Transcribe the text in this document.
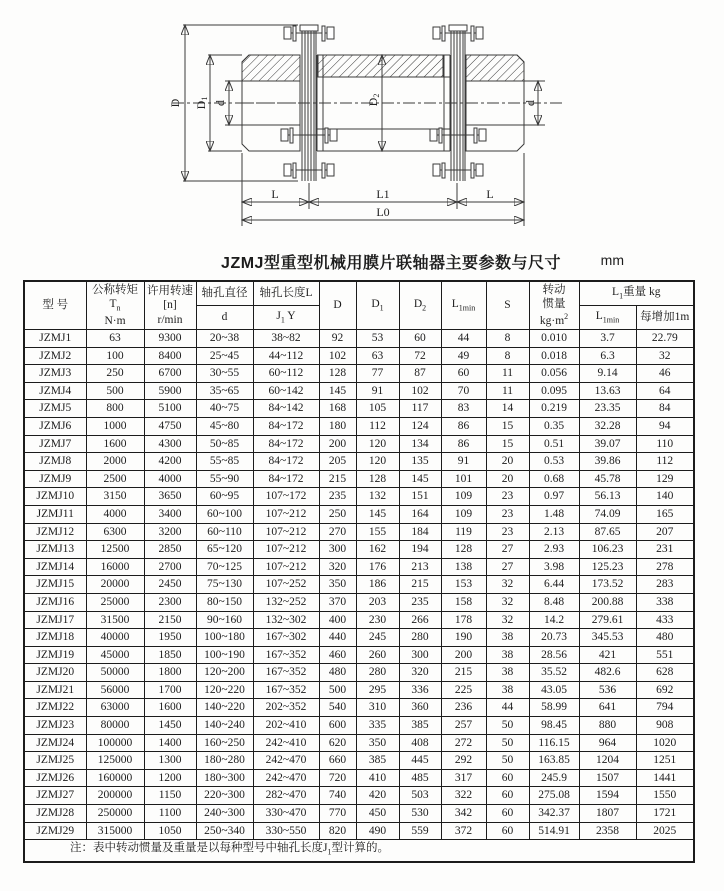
D D1
d	D2
d
L	L1	L
L0
JZMJ型重型机械用膜片联轴器主要参数与尺寸	mm
型 号	
公称转矩
$T_n$
N·m

许用转速
[n]
r/min
	轴孔直径	轴孔长度L	D	$D_1$	$D_2$	$L_{1min}$	S	
转动
惯量
$kg\cdot m^2$
	$L_1$重量 kg
			d	$J_1$ Y							$L_{1min}$	每增加1m
JZMJ1	63	9300	20~38	38~82	92	53	60	44	8	0.010	3.7	22.79
JZMJ2	100	8400	25~45	44~112	102	63	72	49	8	0.018	6.3	32
JZMJ3	250	6700	30~55	60~112	128	77	87	60	11	0.056	9.14	46
JZMJ4	500	5900	35~65	60~142	145	91	102	70	11	0.095	13.63	64
JZMJ5	800	5100	40~75	84~142	168	105	117	83	14	0.219	23.35	84
JZMJ6	1000	4750	45~80	84~172	180	112	124	86	15	0.35	32.28	94
JZMJ7	1600	4300	50~85	84~172	200	120	134	86	15	0.51	39.07	110
JZMJ8	2000	4200	55~85	84~172	205	120	135	91	20	0.53	39.86	112
JZMJ9	2500	4000	55~90	84~172	215	128	145	101	20	0.68	45.78	129
JZMJ10	3150	3650	60~95	107~172	235	132	151	109	23	0.97	56.13	140
JZMJ11	4000	3400	60~100	107~212	250	145	164	109	23	1.48	74.09	165
JZMJ12	6300	3200	60~110	107~212	270	155	184	119	23	2.13	87.65	207
JZMJ13	12500	2850	65~120	107~212	300	162	194	128	27	2.93	106.23	231
JZMJ14	16000	2700	70~125	107~212	320	176	213	138	27	3.98	125.23	278
JZMJ15	20000	2450	75~130	107~252	350	186	215	153	32	6.44	173.52	283
JZMJ16	25000	2300	80~150	132~252	370	203	235	158	32	8.48	200.88	338
JZMJ17	31500	2150	90~160	132~302	400	230	266	178	32	14.2	279.61	433
JZMJ18	40000	1950	100~180	167~302	440	245	280	190	38	20.73	345.53	480
JZMJ19	45000	1850	100~190	167~352	460	260	300	200	38	28.56	421	551
JZMJ20	50000	1800	120~200	167~352	480	280	320	215	38	35.52	482.6	628
JZMJ21	56000	1700	120~220	167~352	500	295	336	225	38	43.05	536	692
JZMJ22	63000	1600	140~220	202~352	540	310	360	236	44	58.99	641	794
JZMJ23	80000	1450	140~240	202~410	600	335	385	257	50	98.45	880	908
JZMJ24	100000	1400	160~250	242~410	620	350	408	272	50	116.15	964	1020
JZMJ25	125000	1300	180~280	242~470	660	385	445	292	50	163.85	1204	1251
JZMJ26	160000	1200	180~300	242~470	720	410	485	317	60	245.9	1507	1441
JZMJ27	200000	1150	220~300	282~470	740	420	503	322	60	275.08	1594	1550
JZMJ28	250000	1100	240~300	330~470	770	450	530	342	60	342.37	1807	1721
JZMJ29	315000	1050	250~340	330~550	820	490	559	372	60	514.91	2358	2025
注：表中转动惯量及重量是以每种型号中轴孔长度$J_1$型计算的。												
